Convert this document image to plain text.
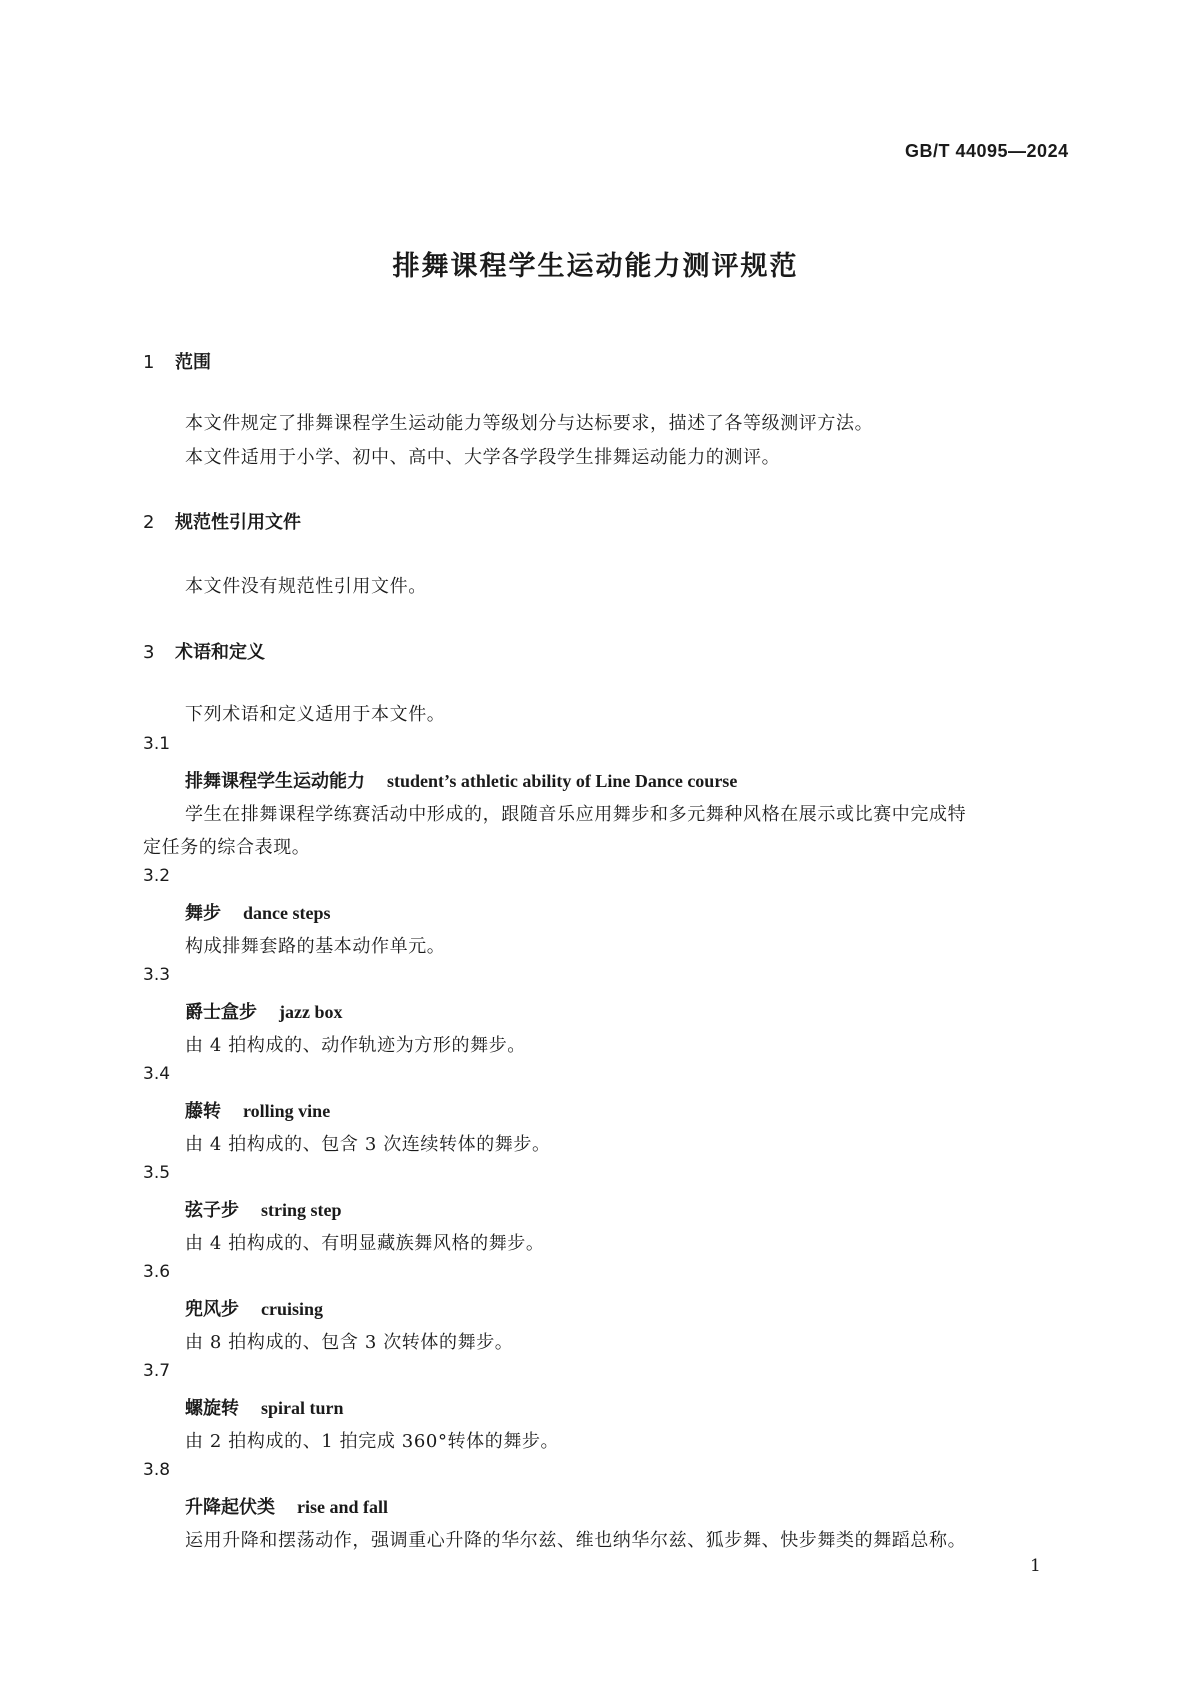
GB/T 44095—2024
排舞课程学生运动能力测评规范
1 范围
本文件规定了排舞课程学生运动能力等级划分与达标要求，描述了各等级测评方法。
本文件适用于小学、初中、高中、大学各学段学生排舞运动能力的测评。
2 规范性引用文件
本文件没有规范性引用文件。
3 术语和定义
下列术语和定义适用于本文件。
3.1
排舞课程学生运动能力 student’s athletic ability of Line Dance course
学生在排舞课程学练赛活动中形成的，跟随音乐应用舞步和多元舞种风格在展示或比赛中完成特
定任务的综合表现。
3.2
舞步 dance steps
构成排舞套路的基本动作单元。
3.3
爵士盒步 jazz box
由 4 拍构成的、动作轨迹为方形的舞步。
3.4
藤转 rolling vine
由 4 拍构成的、包含 3 次连续转体的舞步。
3.5
弦子步 string step
由 4 拍构成的、有明显藏族舞风格的舞步。
3.6
兜风步 cruising
由 8 拍构成的、包含 3 次转体的舞步。
3.7
螺旋转 spiral turn
由 2 拍构成的、1 拍完成 360°转体的舞步。
3.8
升降起伏类 rise and fall
运用升降和摆荡动作，强调重心升降的华尔兹、维也纳华尔兹、狐步舞、快步舞类的舞蹈总称。
1
